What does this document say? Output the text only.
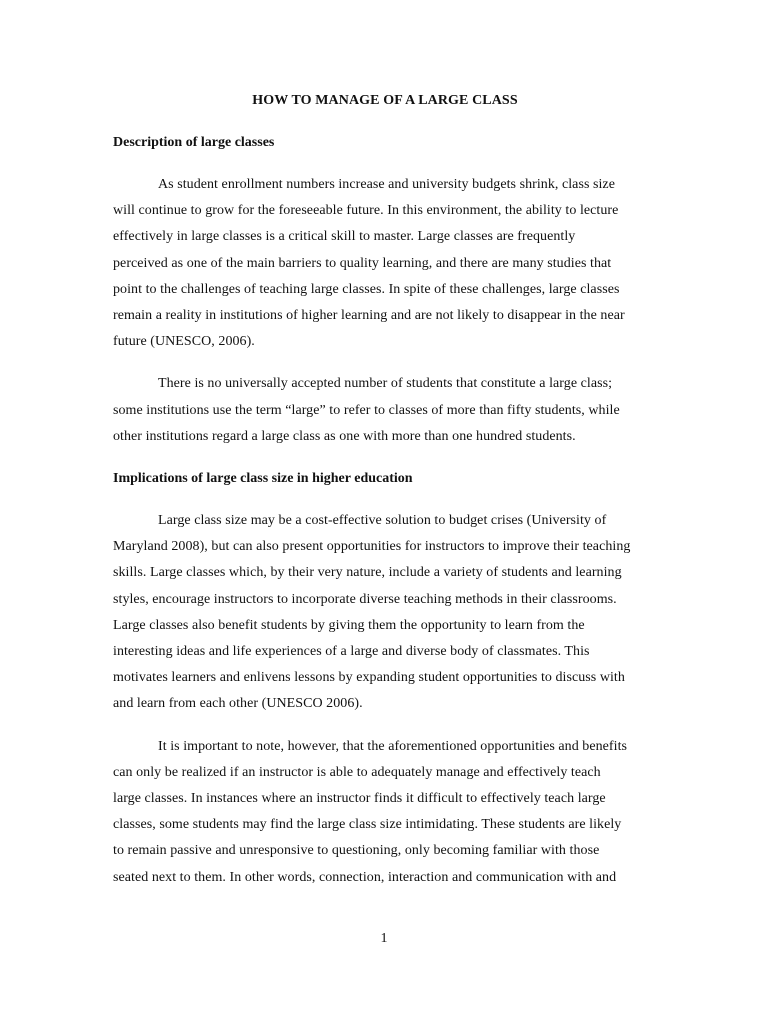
HOW TO MANAGE OF A LARGE CLASS
Description of large classes
As student enrollment numbers increase and university budgets shrink, class size
will continue to grow for the foreseeable future. In this environment, the ability to lecture
effectively in large classes is a critical skill to master. Large classes are frequently
perceived as one of the main barriers to quality learning, and there are many studies that
point to the challenges of teaching large classes. In spite of these challenges, large classes
remain a reality in institutions of higher learning and are not likely to disappear in the near
future (UNESCO, 2006).
There is no universally accepted number of students that constitute a large class;
some institutions use the term “large” to refer to classes of more than fifty students, while
other institutions regard a large class as one with more than one hundred students.
Implications of large class size in higher education
Large class size may be a cost-effective solution to budget crises (University of
Maryland 2008), but can also present opportunities for instructors to improve their teaching
skills. Large classes which, by their very nature, include a variety of students and learning
styles, encourage instructors to incorporate diverse teaching methods in their classrooms.
Large classes also benefit students by giving them the opportunity to learn from the
interesting ideas and life experiences of a large and diverse body of classmates. This
motivates learners and enlivens lessons by expanding student opportunities to discuss with
and learn from each other (UNESCO 2006).
It is important to note, however, that the aforementioned opportunities and benefits
can only be realized if an instructor is able to adequately manage and effectively teach
large classes. In instances where an instructor finds it difficult to effectively teach large
classes, some students may find the large class size intimidating. These students are likely
to remain passive and unresponsive to questioning, only becoming familiar with those
seated next to them. In other words, connection, interaction and communication with and
1
